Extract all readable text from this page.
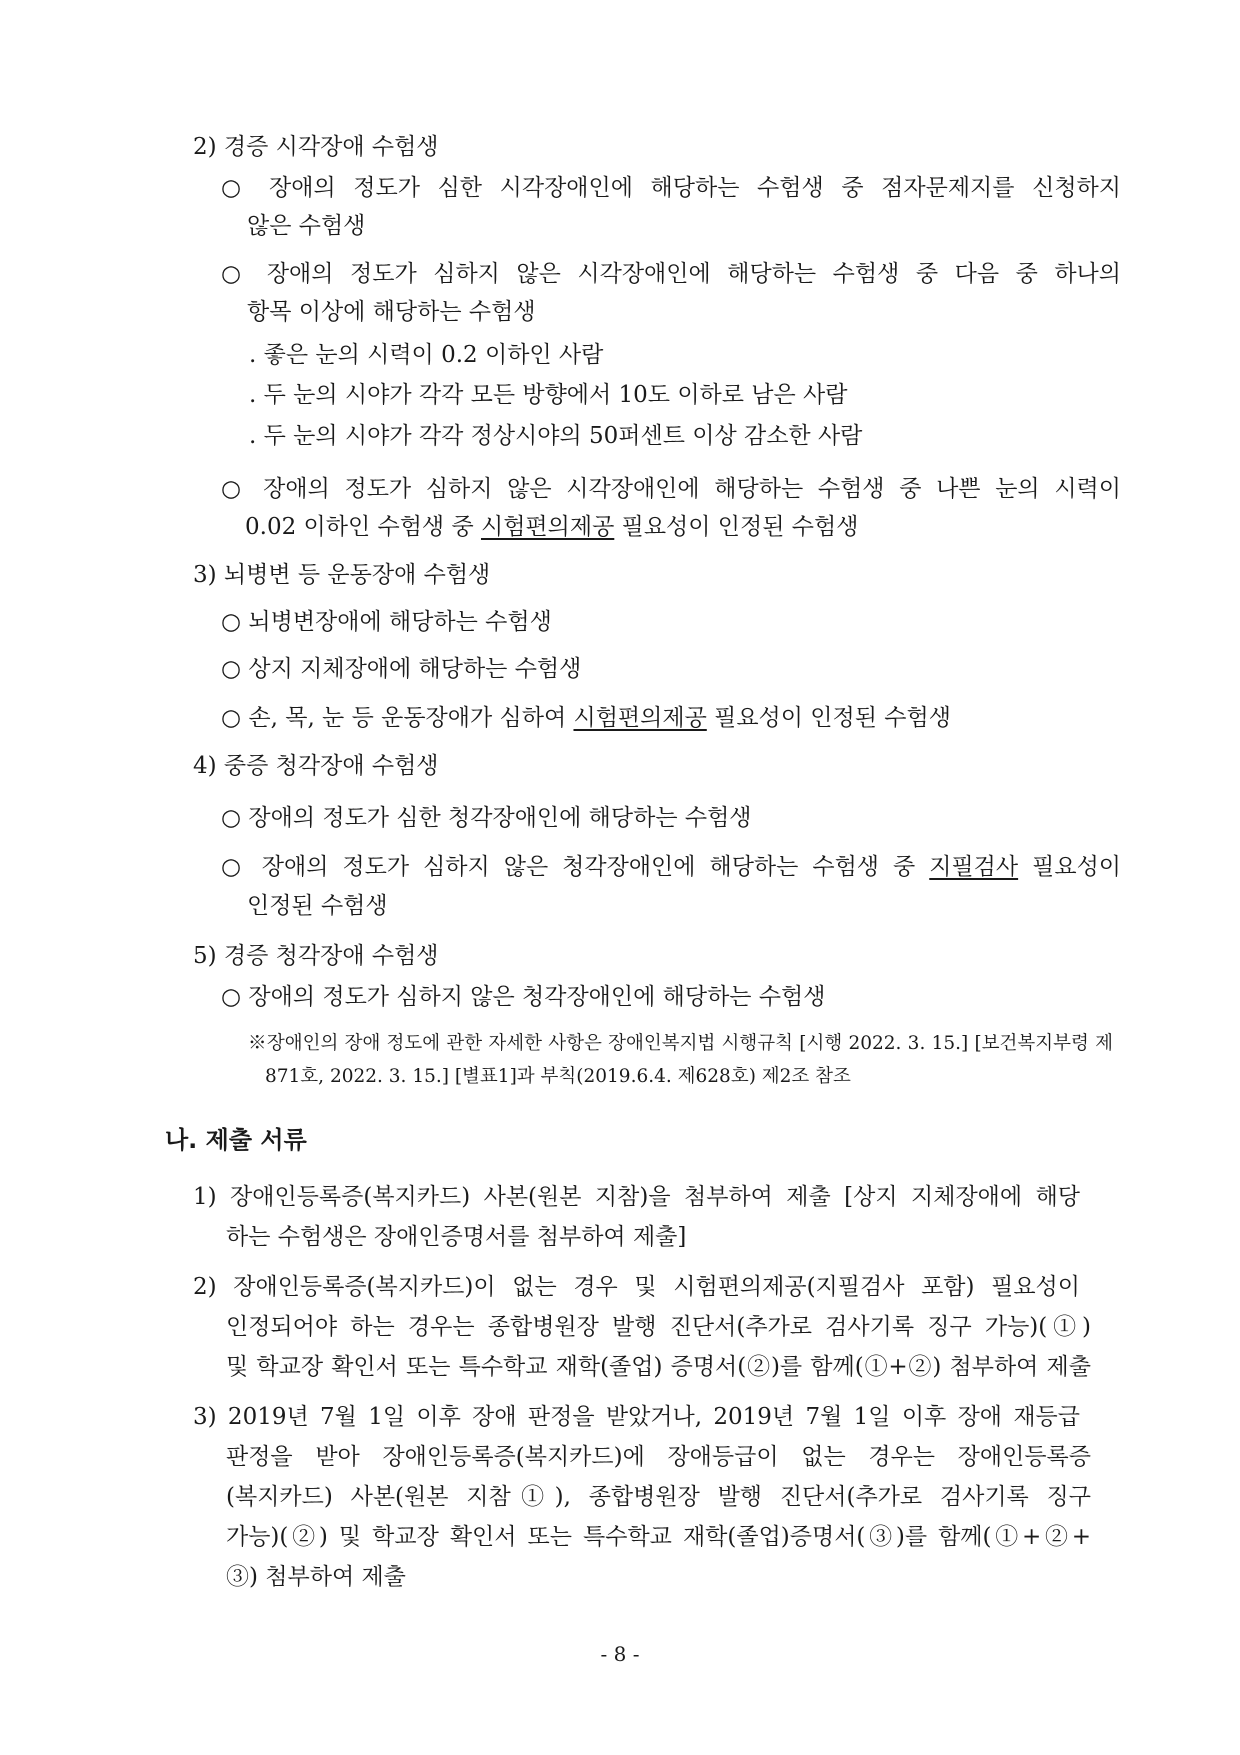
2) 경증 시각장애 수험생
○ 장애의 정도가 심한 시각장애인에 해당하는 수험생 중 점자문제지를 신청하지
않은 수험생
○ 장애의 정도가 심하지 않은 시각장애인에 해당하는 수험생 중 다음 중 하나의
항목 이상에 해당하는 수험생
. 좋은 눈의 시력이 0.2 이하인 사람
. 두 눈의 시야가 각각 모든 방향에서 10도 이하로 남은 사람
. 두 눈의 시야가 각각 정상시야의 50퍼센트 이상 감소한 사람
○ 장애의 정도가 심하지 않은 시각장애인에 해당하는 수험생 중 나쁜 눈의 시력이
0.02 이하인 수험생 중 시험편의제공 필요성이 인정된 수험생
3) 뇌병변 등 운동장애 수험생
○ 뇌병변장애에 해당하는 수험생
○ 상지 지체장애에 해당하는 수험생
○ 손, 목, 눈 등 운동장애가 심하여 시험편의제공 필요성이 인정된 수험생
4) 중증 청각장애 수험생
○ 장애의 정도가 심한 청각장애인에 해당하는 수험생
○ 장애의 정도가 심하지 않은 청각장애인에 해당하는 수험생 중 지필검사 필요성이
인정된 수험생
5) 경증 청각장애 수험생
○ 장애의 정도가 심하지 않은 청각장애인에 해당하는 수험생
※장애인의 장애 정도에 관한 자세한 사항은 장애인복지법 시행규칙 [시행 2022. 3. 15.] [보건복지부령 제
871호, 2022. 3. 15.] [별표1]과 부칙(2019.6.4. 제628호) 제2조 참조
나. 제출 서류
1) 장애인등록증(복지카드) 사본(원본 지참)을 첨부하여 제출 [상지 지체장애에 해당
하는 수험생은 장애인증명서를 첨부하여 제출]
2) 장애인등록증(복지카드)이 없는 경우 및 시험편의제공(지필검사 포함) 필요성이
인정되어야 하는 경우는 종합병원장 발행 진단서(추가로 검사기록 징구 가능)(①)
및 학교장 확인서 또는 특수학교 재학(졸업) 증명서(②)를 함께(①+②) 첨부하여 제출
3) 2019년 7월 1일 이후 장애 판정을 받았거나, 2019년 7월 1일 이후 장애 재등급
판정을 받아 장애인등록증(복지카드)에 장애등급이 없는 경우는 장애인등록증
(복지카드) 사본(원본 지참①), 종합병원장 발행 진단서(추가로 검사기록 징구
가능)(②) 및 학교장 확인서 또는 특수학교 재학(졸업)증명서(③)를 함께(①+②+
③) 첨부하여 제출
- 8 -
